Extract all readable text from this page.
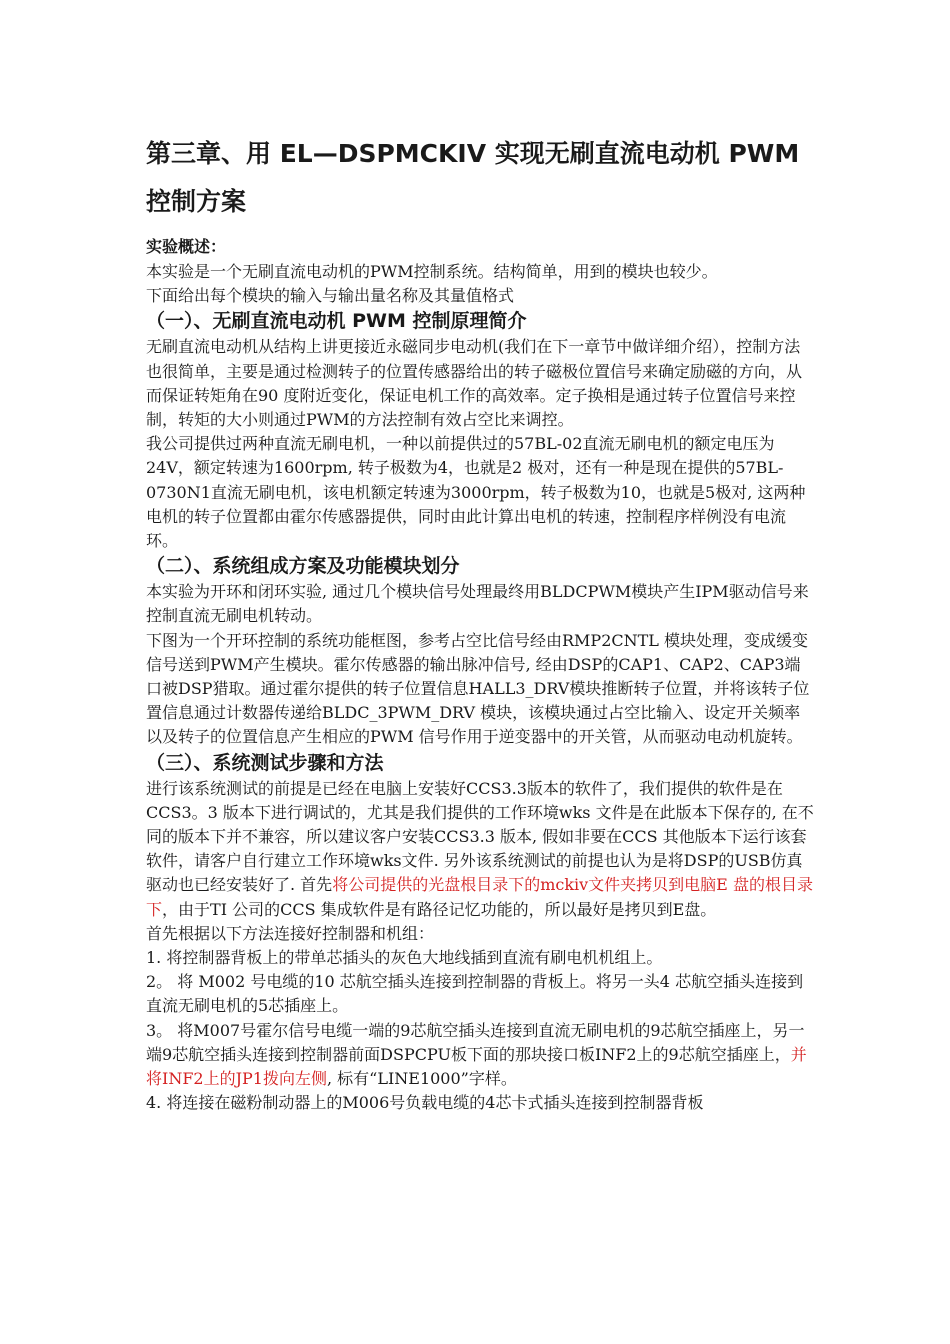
第三章、用 EL—DSPMCKIV 实现无刷直流电动机 PWM 控制方案
实验概述：

本实验是一个无刷直流电动机的PWM控制系统。结构简单，用到的模块也较少。

下面给出每个模块的输入与输出量名称及其量值格式

（一）、无刷直流电动机 PWM 控制原理简介

无刷直流电动机从结构上讲更接近永磁同步电动机(我们在下一章节中做详细介绍），控制方法也很简单，主要是通过检测转子的位置传感器给出的转子磁极位置信号来确定励磁的方向，从而保证转矩角在90 度附近变化，保证电机工作的高效率。定子换相是通过转子位置信号来控制，转矩的大小则通过PWM的方法控制有效占空比来调控。

我公司提供过两种直流无刷电机，一种以前提供过的57BL-02直流无刷电机的额定电压为24V，额定转速为1600rpm, 转子极数为4，也就是2 极对，还有一种是现在提供的57BL-0730N1直流无刷电机，该电机额定转速为3000rpm，转子极数为10，也就是5极对, 这两种电机的转子位置都由霍尔传感器提供，同时由此计算出电机的转速，控制程序样例没有电流环。

（二）、系统组成方案及功能模块划分

本实验为开环和闭环实验, 通过几个模块信号处理最终用BLDCPWM模块产生IPM驱动信号来控制直流无刷电机转动。

下图为一个开环控制的系统功能框图，参考占空比信号经由RMP2CNTL 模块处理，变成缓变信号送到PWM产生模块。霍尔传感器的输出脉冲信号, 经由DSP的CAP1、CAP2、CAP3端口被DSP猎取。通过霍尔提供的转子位置信息HALL3_DRV模块推断转子位置，并将该转子位置信息通过计数器传递给BLDC_3PWM_DRV 模块，该模块通过占空比输入、设定开关频率以及转子的位置信息产生相应的PWM 信号作用于逆变器中的开关管，从而驱动电动机旋转。

（三）、系统测试步骤和方法

进行该系统测试的前提是已经在电脑上安装好CCS3.3版本的软件了，我们提供的软件是在CCS3。3 版本下进行调试的，尤其是我们提供的工作环境wks 文件是在此版本下保存的, 在不同的版本下并不兼容，所以建议客户安装CCS3.3 版本, 假如非要在CCS 其他版本下运行该套软件，请客户自行建立工作环境wks文件. 另外该系统测试的前提也认为是将DSP的USB仿真驱动也已经安装好了. 首先将公司提供的光盘根目录下的mckiv文件夹拷贝到电脑E 盘的根目录下，由于TI 公司的CCS 集成软件是有路径记忆功能的，所以最好是拷贝到E盘。

首先根据以下方法连接好控制器和机组：

1. 将控制器背板上的带单芯插头的灰色大地线插到直流有刷电机机组上。

2。 将 M002 号电缆的10 芯航空插头连接到控制器的背板上。将另一头4 芯航空插头连接到直流无刷电机的5芯插座上。

3。 将M007号霍尔信号电缆一端的9芯航空插头连接到直流无刷电机的9芯航空插座上，另一端9芯航空插头连接到控制器前面DSPCPU板下面的那块接口板INF2上的9芯航空插座上，并将INF2上的JP1拨向左侧, 标有“LINE1000”字样。

4. 将连接在磁粉制动器上的M006号负载电缆的4芯卡式插头连接到控制器背板
